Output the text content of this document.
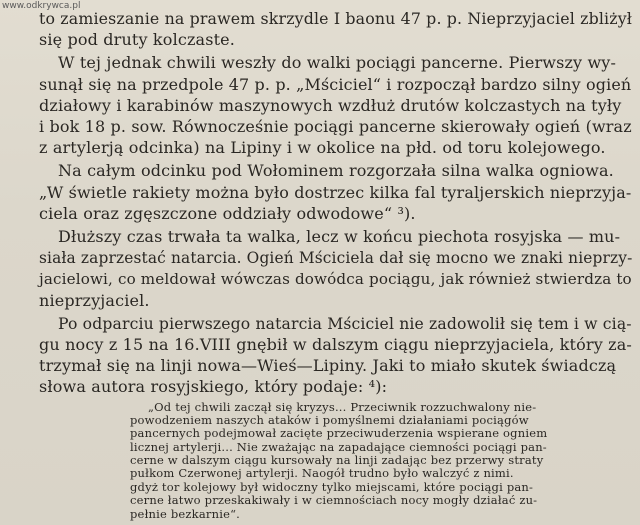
www.odkrywca.pl
to zamieszanie na prawem skrzydle I baonu 47 p. p. Nieprzyjaciel zbliżył
się pod druty kolczaste.
W tej jednak chwili weszły do walki pociągi pancerne. Pierwszy wy-
sunął się na przedpole 47 p. p. „Mściciel“ i rozpoczął bardzo silny ogień
działowy i karabinów maszynowych wzdłuż drutów kolczastych na tyły
i bok 18 p. sow. Równocześnie pociągi pancerne skierowały ogień (wraz
z artylerją odcinka) na Lipiny i w okolice na płd. od toru kolejowego.
Na całym odcinku pod Wołominem rozgorzała silna walka ogniowa.
„W świetle rakiety można było dostrzec kilka fal tyraljerskich nieprzyja-
ciela oraz zgęszczone oddziały odwodowe“ ³).
Dłuższy czas trwała ta walka, lecz w końcu piechota rosyjska — mu-
siała zaprzestać natarcia. Ogień Mściciela dał się mocno we znaki nieprzy-
jacielowi, co meldował wówczas dowódca pociągu, jak również stwierdza to
nieprzyjaciel.
Po odparciu pierwszego natarcia Mściciel nie zadowolił się tem i w cią-
gu nocy z 15 na 16.VIII gnębił w dalszym ciągu nieprzyjaciela, który za-
trzymał się na linji nowa—Wieś—Lipiny. Jaki to miało skutek świadczą
słowa autora rosyjskiego, który podaje: ⁴):
„Od tej chwili zaczął się kryzys... Przeciwnik rozzuchwalony nie-
powodzeniem naszych ataków i pomyślnemi działaniami pociągów
pancernych podejmował zacięte przeciwuderzenia wspierane ogniem
licznej artylerji... Nie zważając na zapadające ciemności pociągi pan-
cerne w dalszym ciągu kursowały na linji zadając bez przerwy straty
pułkom Czerwonej artylerji. Naogół trudno było walczyć z nimi.
gdyż tor kolejowy był widoczny tylko miejscami, które pociągi pan-
cerne łatwo przeskakiwały i w ciemnościach nocy mogły działać zu-
pełnie bezkarnie“.
